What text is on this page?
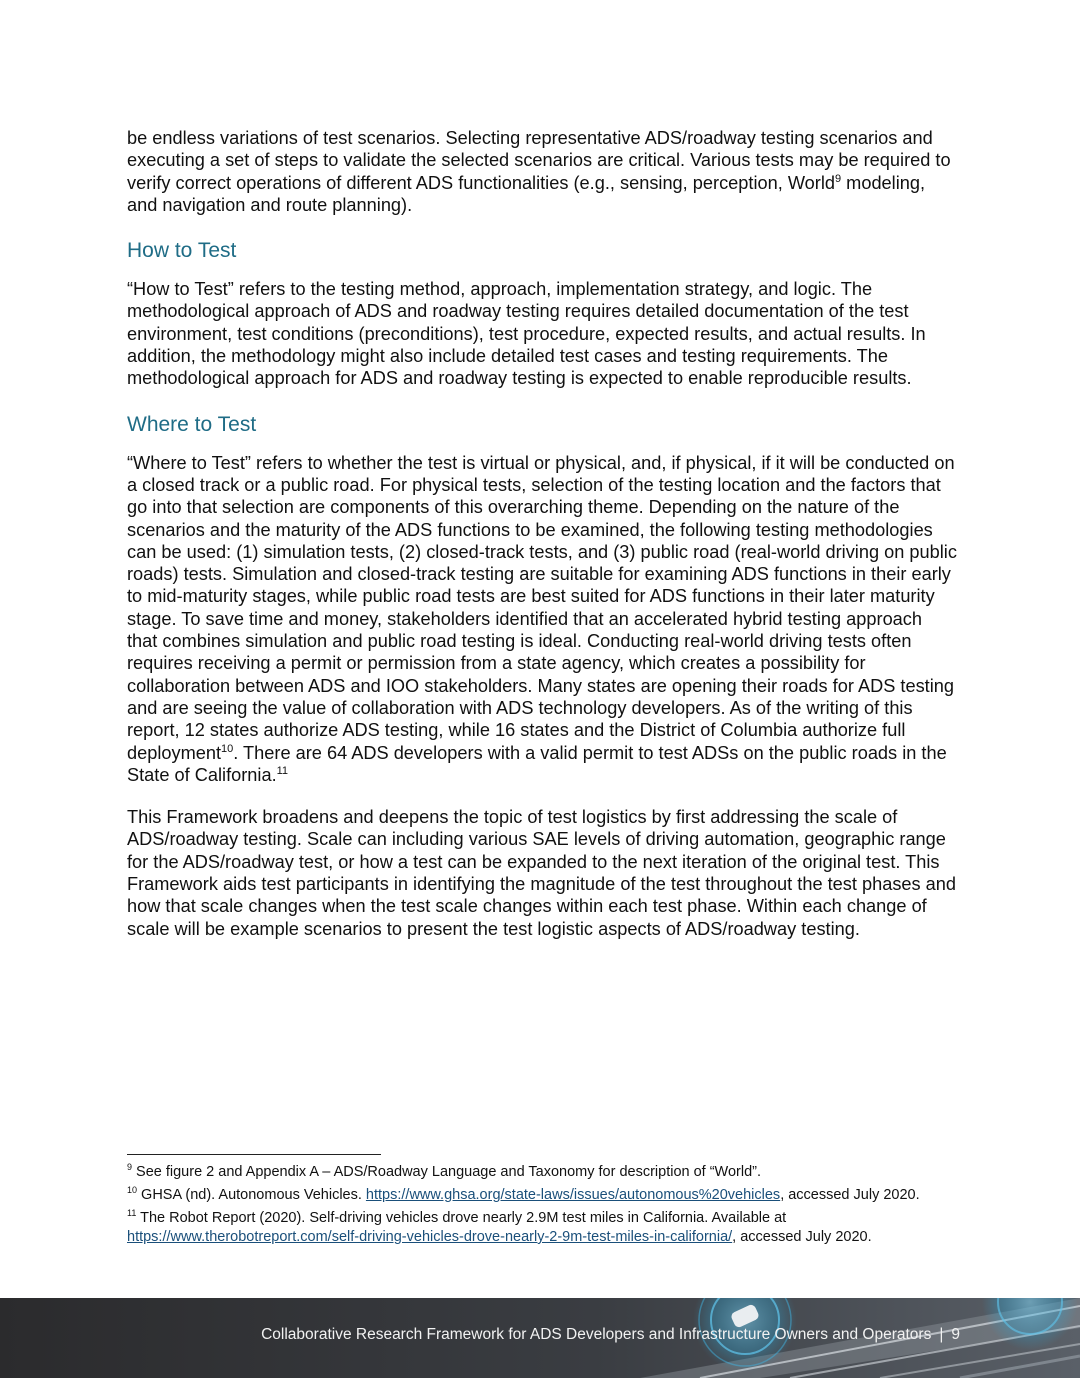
be endless variations of test scenarios. Selecting representative ADS/roadway testing scenarios and executing a set of steps to validate the selected scenarios are critical. Various tests may be required to verify correct operations of different ADS functionalities (e.g., sensing, perception, World$^9$ modeling, and navigation and route planning).

How to Test

“How to Test” refers to the testing method, approach, implementation strategy, and logic. The methodological approach of ADS and roadway testing requires detailed documentation of the test environment, test conditions (preconditions), test procedure, expected results, and actual results. In addition, the methodology might also include detailed test cases and testing requirements. The methodological approach for ADS and roadway testing is expected to enable reproducible results.

Where to Test

“Where to Test” refers to whether the test is virtual or physical, and, if physical, if it will be conducted on a closed track or a public road. For physical tests, selection of the testing location and the factors that go into that selection are components of this overarching theme. Depending on the nature of the scenarios and the maturity of the ADS functions to be examined, the following testing methodologies can be used: (1) simulation tests, (2) closed-track tests, and (3) public road (real-world driving on public roads) tests. Simulation and closed-track testing are suitable for examining ADS functions in their early to mid-maturity stages, while public road tests are best suited for ADS functions in their later maturity stage. To save time and money, stakeholders identified that an accelerated hybrid testing approach that combines simulation and public road testing is ideal. Conducting real-world driving tests often requires receiving a permit or permission from a state agency, which creates a possibility for collaboration between ADS and IOO stakeholders. Many states are opening their roads for ADS testing and are seeing the value of collaboration with ADS technology developers. As of the writing of this report, 12 states authorize ADS testing, while 16 states and the District of Columbia authorize full deployment$^{10}$. There are 64 ADS developers with a valid permit to test ADSs on the public roads in the State of California.$^{11}$

This Framework broadens and deepens the topic of test logistics by first addressing the scale of ADS/roadway testing. Scale can including various SAE levels of driving automation, geographic range for the ADS/roadway test, or how a test can be expanded to the next iteration of the original test. This Framework aids test participants in identifying the magnitude of the test throughout the test phases and how that scale changes when the test scale changes within each test phase. Within each change of scale will be example scenarios to present the test logistic aspects of ADS/roadway testing.

$^9$ See figure 2 and Appendix A – ADS/Roadway Language and Taxonomy for description of “World”.

$^{10}$ GHSA (nd). Autonomous Vehicles. https://www.ghsa.org/state-laws/issues/autonomous%20vehicles, accessed July 2020.

$^{11}$ The Robot Report (2020). Self-driving vehicles drove nearly 2.9M test miles in California. Available at https://www.therobotreport.com/self-driving-vehicles-drove-nearly-2-9m-test-miles-in-california/, accessed July 2020.

Collaborative Research Framework for ADS Developers and Infrastructure Owners and Operators | 9
